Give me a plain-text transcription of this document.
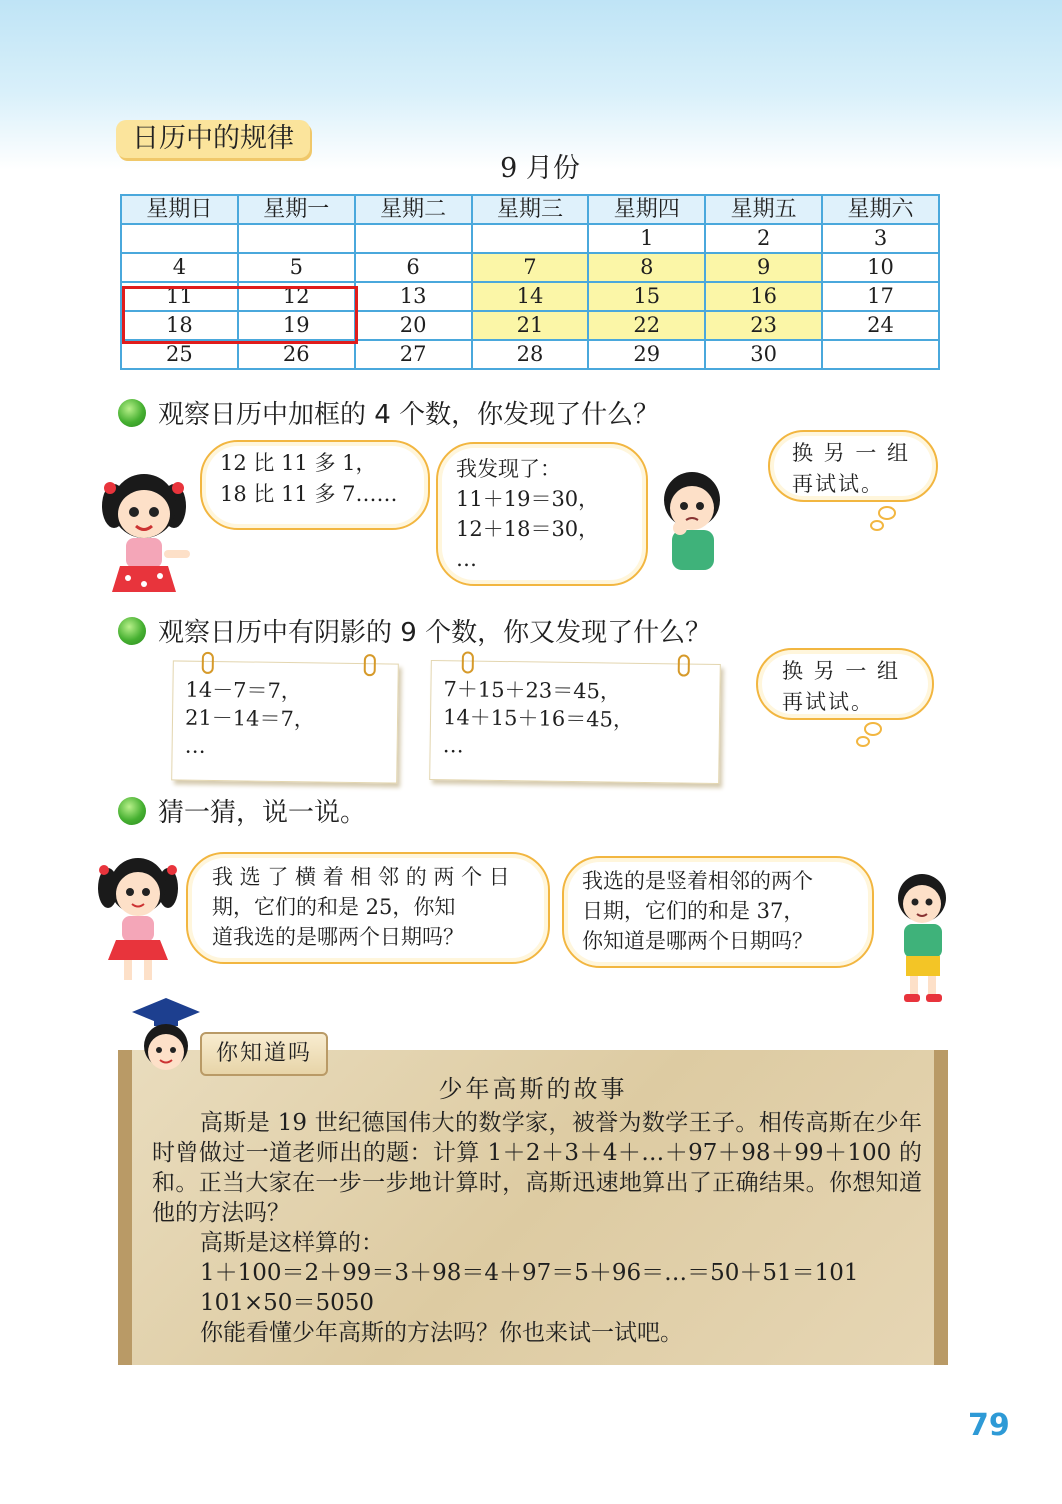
日历中的规律
9 月份
星期日	星期一	星期二	星期三	星期四	星期五	星期六
				1	2	3
4	5	6	7	8	9	10
11	12	13	14	15	16	17
18	19	20	21	22	23	24
25	26	27	28	29	30	
观察日历中加框的 4 个数，你发现了什么？
12 比 11 多 1，
18 比 11 多 7……
我发现了：
11＋19＝30，
12＋18＝30，
…
换 另 一 组
再试试。
观察日历中有阴影的 9 个数，你又发现了什么？
14－7＝7，
21－14＝7，
…
7＋15＋23＝45，
14＋15＋16＝45，
…
换 另 一 组
再试试。
猜一猜，说一说。
我 选 了 横 着 相 邻 的 两 个 日
期，它们的和是 25，你知
道我选的是哪两个日期吗？
我选的是竖着相邻的两个
日期，它们的和是 37，
你知道是哪两个日期吗？
你知道吗
少年高斯的故事

高斯是 19 世纪德国伟大的数学家，被誉为数学王子。相传高斯在少年时曾做过一道老师出的题：计算 1＋2＋3＋4＋…＋97＋98＋99＋100 的和。正当大家在一步一步地计算时，高斯迅速地算出了正确结果。你想知道他的方法吗？

高斯是这样算的：

1＋100＝2＋99＝3＋98＝4＋97＝5＋96＝…＝50＋51＝101

101×50＝5050

你能看懂少年高斯的方法吗？你也来试一试吧。

79
